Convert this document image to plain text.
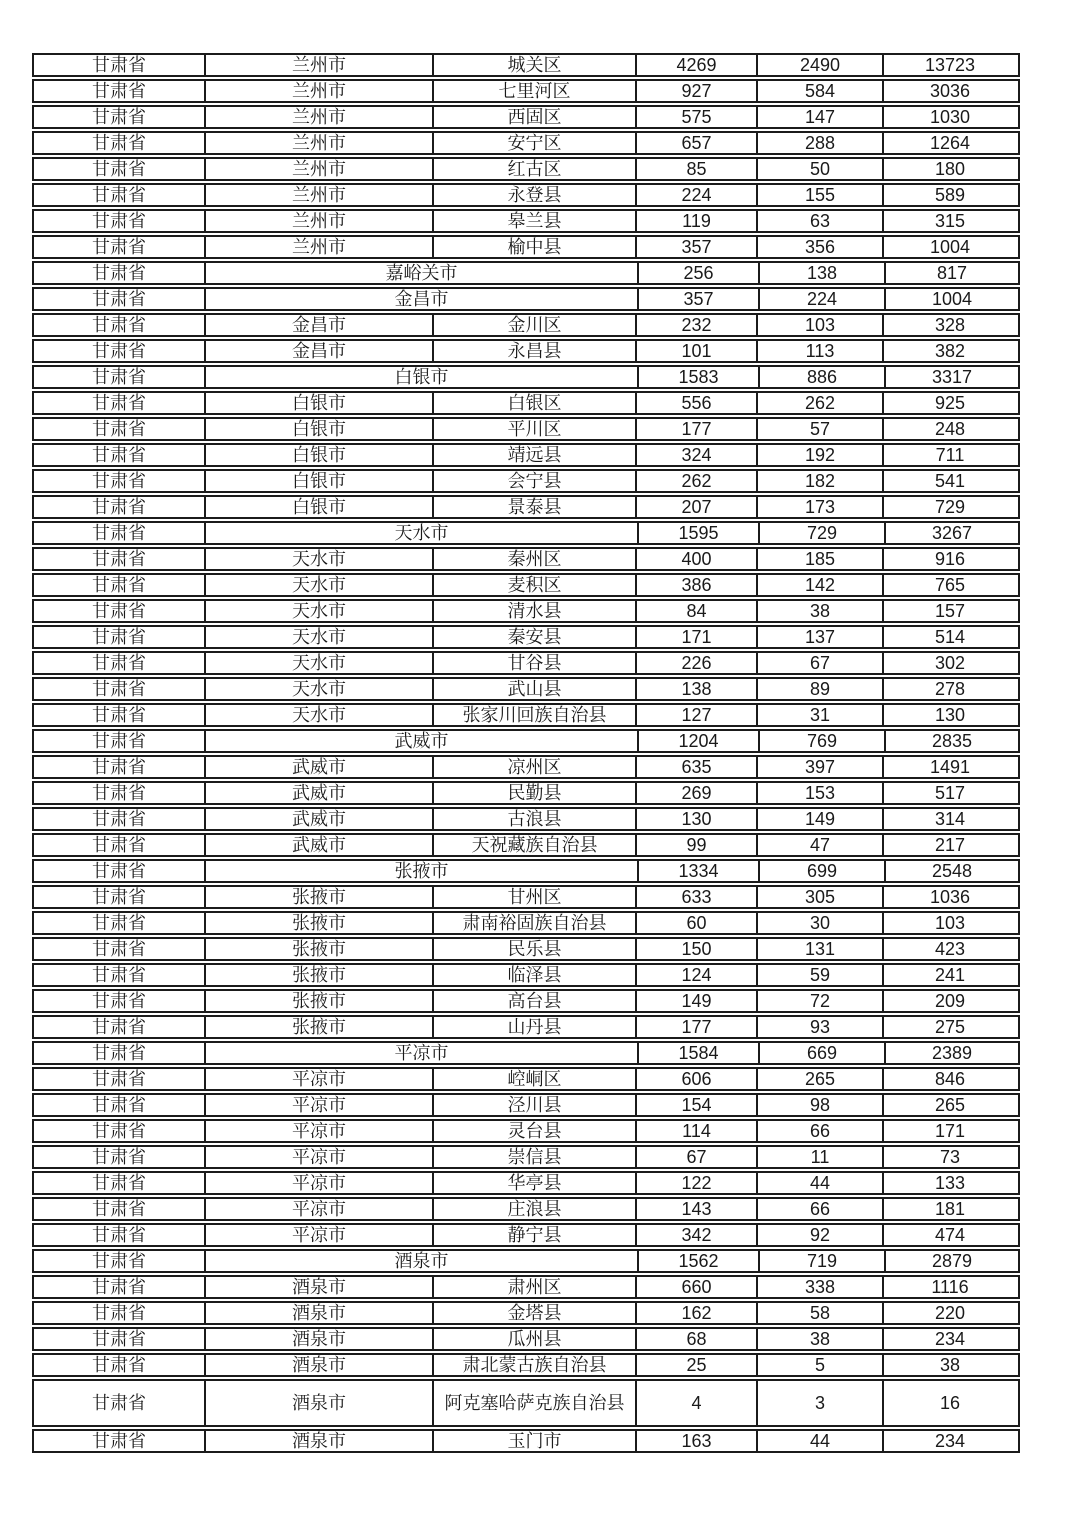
甘肃省	兰州市	城关区	4269	2490	13723
甘肃省	兰州市	七里河区	927	584	3036
甘肃省	兰州市	西固区	575	147	1030
甘肃省	兰州市	安宁区	657	288	1264
甘肃省	兰州市	红古区	85	50	180
甘肃省	兰州市	永登县	224	155	589
甘肃省	兰州市	皋兰县	119	63	315
甘肃省	兰州市	榆中县	357	356	1004
甘肃省	嘉峪关市	256	138	817
甘肃省	金昌市	357	224	1004
甘肃省	金昌市	金川区	232	103	328
甘肃省	金昌市	永昌县	101	113	382
甘肃省	白银市	1583	886	3317
甘肃省	白银市	白银区	556	262	925
甘肃省	白银市	平川区	177	57	248
甘肃省	白银市	靖远县	324	192	711
甘肃省	白银市	会宁县	262	182	541
甘肃省	白银市	景泰县	207	173	729
甘肃省	天水市	1595	729	3267
甘肃省	天水市	秦州区	400	185	916
甘肃省	天水市	麦积区	386	142	765
甘肃省	天水市	清水县	84	38	157
甘肃省	天水市	秦安县	171	137	514
甘肃省	天水市	甘谷县	226	67	302
甘肃省	天水市	武山县	138	89	278
甘肃省	天水市	张家川回族自治县	127	31	130
甘肃省	武威市	1204	769	2835
甘肃省	武威市	凉州区	635	397	1491
甘肃省	武威市	民勤县	269	153	517
甘肃省	武威市	古浪县	130	149	314
甘肃省	武威市	天祝藏族自治县	99	47	217
甘肃省	张掖市	1334	699	2548
甘肃省	张掖市	甘州区	633	305	1036
甘肃省	张掖市	肃南裕固族自治县	60	30	103
甘肃省	张掖市	民乐县	150	131	423
甘肃省	张掖市	临泽县	124	59	241
甘肃省	张掖市	高台县	149	72	209
甘肃省	张掖市	山丹县	177	93	275
甘肃省	平凉市	1584	669	2389
甘肃省	平凉市	崆峒区	606	265	846
甘肃省	平凉市	泾川县	154	98	265
甘肃省	平凉市	灵台县	114	66	171
甘肃省	平凉市	崇信县	67	11	73
甘肃省	平凉市	华亭县	122	44	133
甘肃省	平凉市	庄浪县	143	66	181
甘肃省	平凉市	静宁县	342	92	474
甘肃省	酒泉市	1562	719	2879
甘肃省	酒泉市	肃州区	660	338	1116
甘肃省	酒泉市	金塔县	162	58	220
甘肃省	酒泉市	瓜州县	68	38	234
甘肃省	酒泉市	肃北蒙古族自治县	25	5	38
甘肃省	酒泉市	阿克塞哈萨克族自治县	4	3	16
甘肃省	酒泉市	玉门市	163	44	234
